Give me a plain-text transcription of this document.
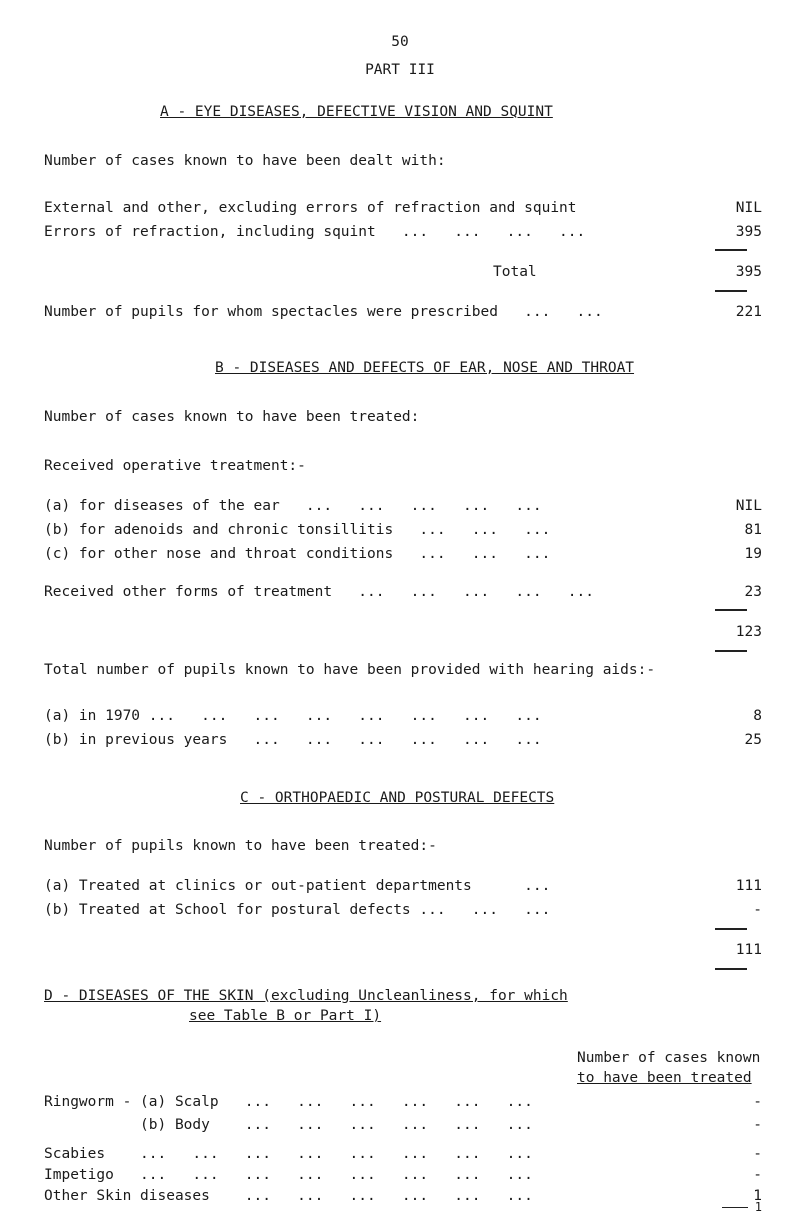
50
PART III
A - EYE DISEASES, DEFECTIVE VISION AND SQUINT
Number of cases known to have been dealt with:
External and other, excluding errors of refraction and squint	NIL
Errors of refraction, including squint   ...   ...   ...   ...	395
Total	395
Number of pupils for whom spectacles were prescribed   ...   ...	221
B - DISEASES AND DEFECTS OF EAR, NOSE AND THROAT
Number of cases known to have been treated:
Received operative treatment:-
(a) for diseases of the ear   ...   ...   ...   ...   ...	NIL
(b) for adenoids and chronic tonsillitis   ...   ...   ...	81
(c) for other nose and throat conditions   ...   ...   ...	19
Received other forms of treatment   ...   ...   ...   ...   ...	23
123
Total number of pupils known to have been provided with hearing aids:-
(a) in 1970 ...   ...   ...   ...   ...   ...   ...   ...	8
(b) in previous years   ...   ...   ...   ...   ...   ...	25
C - ORTHOPAEDIC AND POSTURAL DEFECTS
Number of pupils known to have been treated:-
(a) Treated at clinics or out-patient departments      ...	111
(b) Treated at School for postural defects ...   ...   ...	-
111
D - DISEASES OF THE SKIN (excluding Uncleanliness, for which
see Table B or Part I)
Number of cases known
to have been treated
Ringworm - (a) Scalp   ...   ...   ...   ...   ...   ...	-
(b) Body    ...   ...   ...   ...   ...   ...	-
Scabies    ...   ...   ...   ...   ...   ...   ...   ...	-
Impetigo   ...   ...   ...   ...   ...   ...   ...   ...	-
Other Skin diseases    ...   ...   ...   ...   ...   ...	1
1
